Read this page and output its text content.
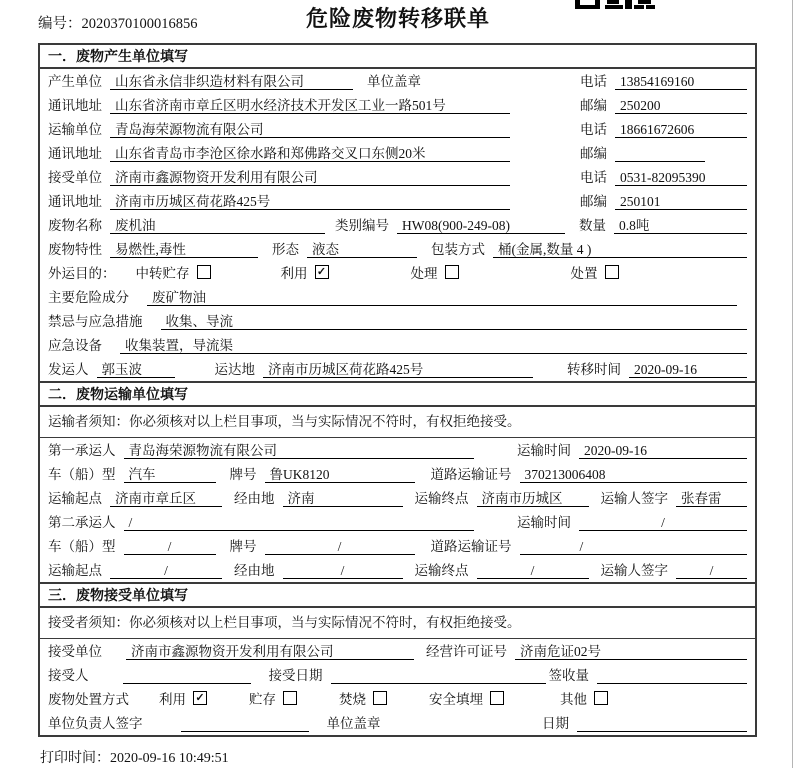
编号：2020370100016856	危险废物转移联单
一．废物产生单位填写
产生单位 山东省永信非织造材料有限公司	单位盖章	电话 13854169160
通讯地址 山东省济南市章丘区明水经济技术开发区工业一路501号	邮编 250200
运输单位 青岛海荣源物流有限公司	电话 18661672606
通讯地址 山东省青岛市李沧区徐水路和郑佛路交叉口东侧20米	邮编
接受单位 济南市鑫源物资开发利用有限公司	电话 0531-82095390
通讯地址 济南市历城区荷花路425号	邮编 250101
废物名称 废机油	类别编号 HW08(900-249-08)	数量 0.8吨
废物特性 易燃性,毒性	形态 液态	包装方式 桶(金属,数量 4 )
外运目的： 中转贮存	利用 ✓	处理	处置
主要危险成分	废矿物油
禁忌与应急措施	收集、导流
应急设备	收集装置，导流渠
发运人 郭玉波	运达地 济南市历城区荷花路425号	转移时间 2020-09-16
二．废物运输单位填写
运输者须知：你必须核对以上栏目事项，当与实际情况不符时，有权拒绝接受。
第一承运人 青岛海荣源物流有限公司	运输时间 2020-09-16
车（船）型 汽车	牌号 鲁UK8120	道路运输证号 370213006408
运输起点 济南市章丘区	经由地 济南	运输终点 济南市历城区	运输人签字 张春雷
第二承运人 /	运输时间	/
车（船）型	/	牌号	/	道路运输证号	/
运输起点	/	经由地	/	运输终点	/	运输人签字	/
三．废物接受单位填写
接受者须知：你必须核对以上栏目事项，当与实际情况不符时，有权拒绝接受。
接受单位	济南市鑫源物资开发利用有限公司	经营许可证号 济南危证02号
接受人	接受日期	签收量
废物处置方式 利用 ✓	贮存	焚烧	安全填埋	其他
单位负责人签字	单位盖章	日期
打印时间：2020-09-16 10:49:51
